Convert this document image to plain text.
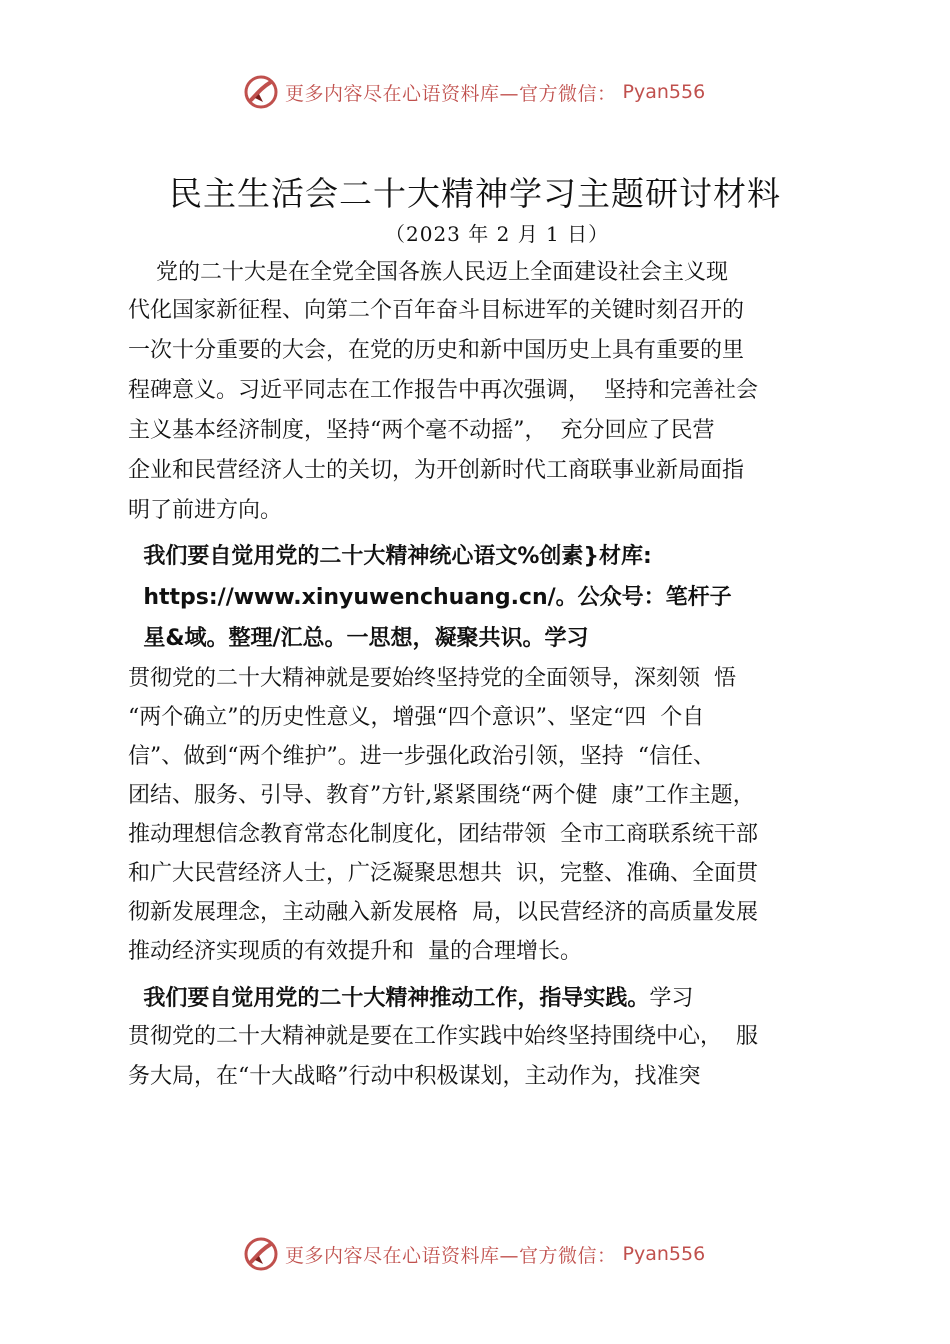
更多内容尽在心语资料库—官方微信： Pyan556
民主生活会二十大精神学习主题研讨材料
（2023 年 2 月 1 日）
党的二十大是在全党全国各族人民迈上全面建设社会主义现
代化国家新征程、向第二个百年奋斗目标进军的关键时刻召开的
一次十分重要的大会，在党的历史和新中国历史上具有重要的里
程碑意义。习近平同志在工作报告中再次强调，  坚持和完善社会
主义基本经济制度，坚持“两个毫不动摇”，  充分回应了民营
企业和民营经济人士的关切，为开创新时代工商联事业新局面指
明了前进方向。
我们要自觉用党的二十大精神统心语文%创素}材库:
https://www.xinyuwenchuang.cn/。公众号：笔杆子
星&域。整理/汇总。一思想，凝聚共识。学习
贯彻党的二十大精神就是要始终坚持党的全面领导，深刻领  悟
“两个确立”的历史性意义，增强“四个意识”、坚定“四  个自
信”、做到“两个维护”。进一步强化政治引领，坚持  “信任、
团结、服务、引导、教育”方针,紧紧围绕“两个健  康”工作主题，
推动理想信念教育常态化制度化，团结带领  全市工商联系统干部
和广大民营经济人士，广泛凝聚思想共  识，完整、准确、全面贯
彻新发展理念，主动融入新发展格  局，以民营经济的高质量发展
推动经济实现质的有效提升和  量的合理增长。
我们要自觉用党的二十大精神推动工作，指导实践。学习
贯彻党的二十大精神就是要在工作实践中始终坚持围绕中心，  服
务大局，在“十大战略”行动中积极谋划，主动作为，找准突
更多内容尽在心语资料库—官方微信： Pyan556
